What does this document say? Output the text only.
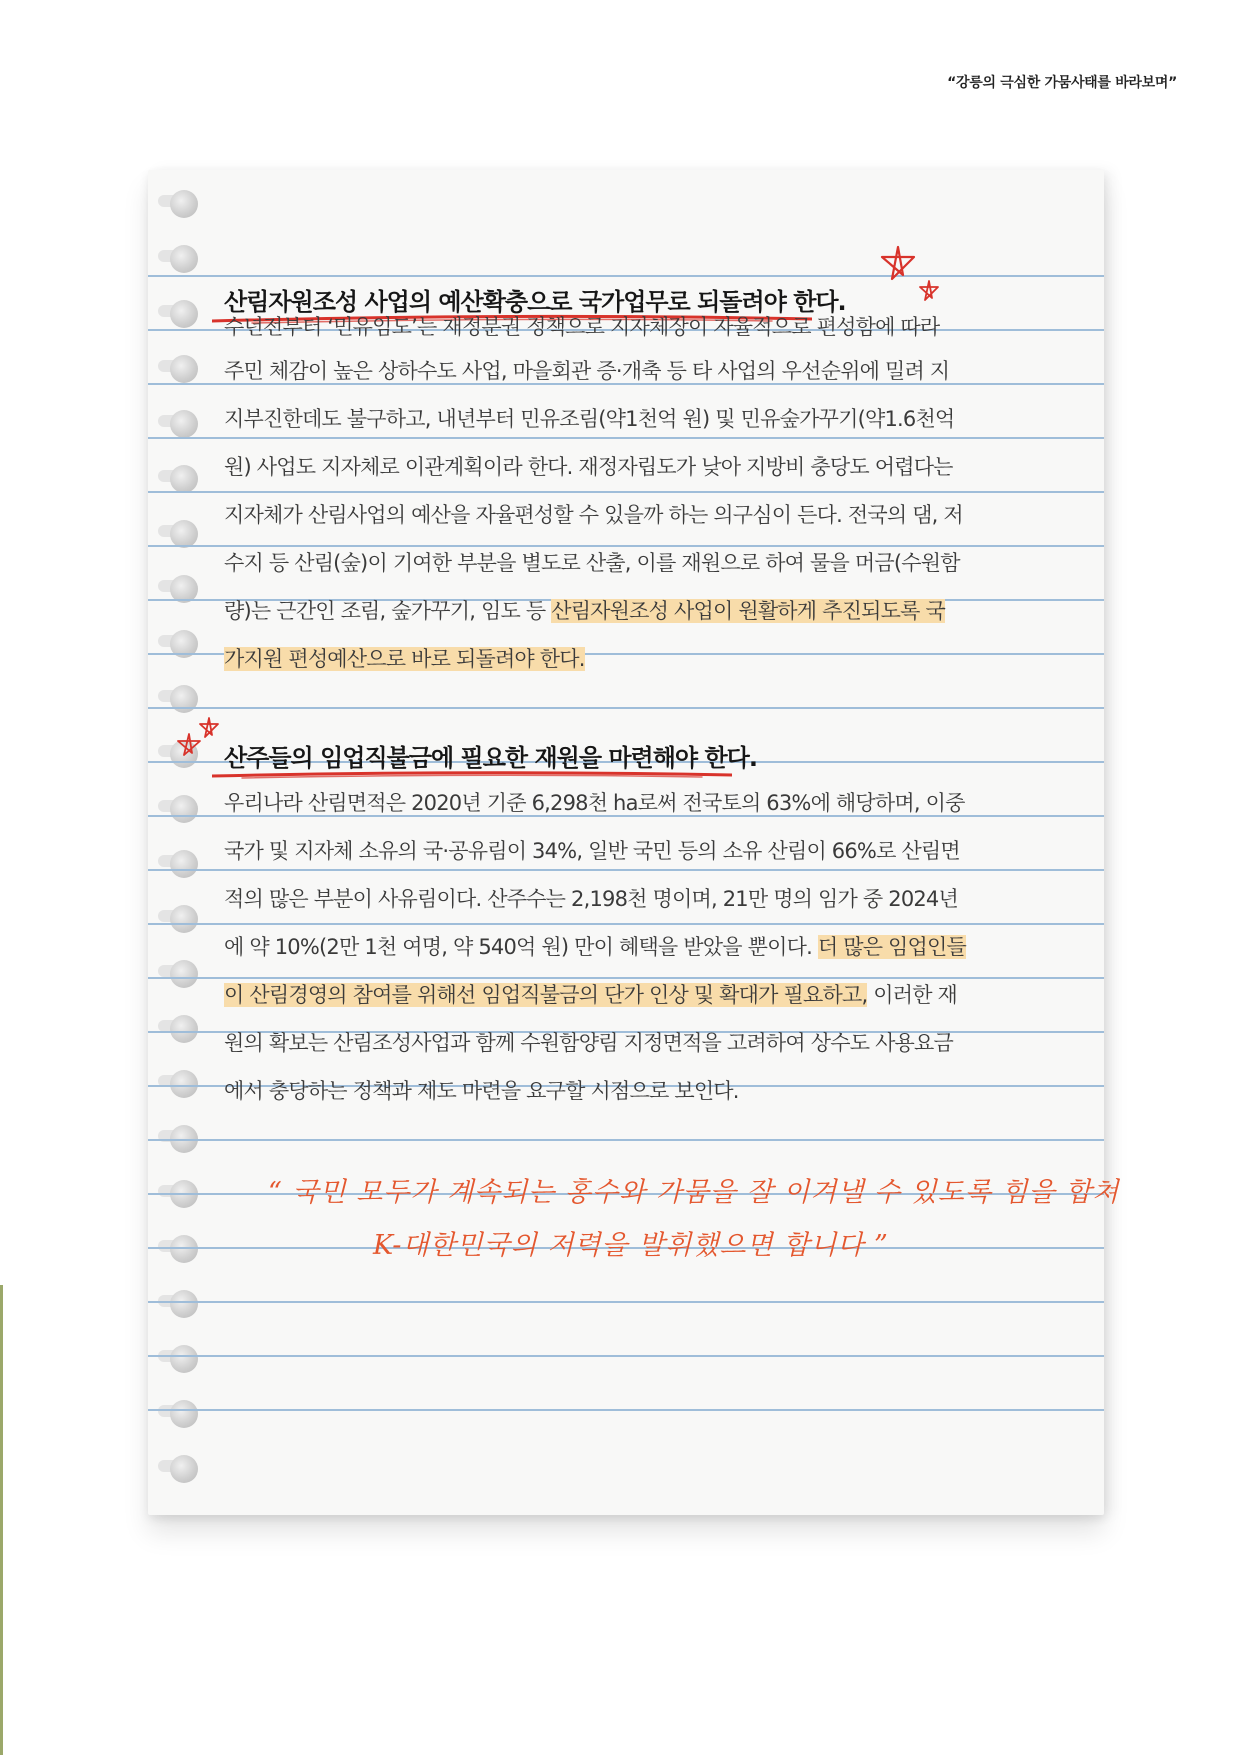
“강릉의 극심한 가뭄사태를 바라보며”
산림자원조성 사업의 예산확충으로 국가업무로 되돌려야 한다.
수년전부터 ‘민유임도’는 재정분권 정책으로 지자체장이 자율적으로 편성함에 따라
주민 체감이 높은 상하수도 사업, 마을회관 증·개축 등 타 사업의 우선순위에 밀려 지
지부진한데도 불구하고, 내년부터 민유조림(약1천억 원) 및 민유숲가꾸기(약1.6천억
원) 사업도 지자체로 이관계획이라 한다. 재정자립도가 낮아 지방비 충당도 어렵다는
지자체가 산림사업의 예산을 자율편성할 수 있을까 하는 의구심이 든다. 전국의 댐, 저
수지 등 산림(숲)이 기여한 부분을 별도로 산출, 이를 재원으로 하여 물을 머금(수원함
량)는 근간인 조림, 숲가꾸기, 임도 등 산림자원조성 사업이 원활하게 추진되도록 국
가지원 편성예산으로 바로 되돌려야 한다.
산주들의 임업직불금에 필요한 재원을 마련해야 한다.
우리나라 산림면적은 2020년 기준 6,298천 ha로써 전국토의 63%에 해당하며, 이중
국가 및 지자체 소유의 국·공유림이 34%, 일반 국민 등의 소유 산림이 66%로 산림면
적의 많은 부분이 사유림이다. 산주수는 2,198천 명이며, 21만 명의 임가 중 2024년
에 약 10%(2만 1천 여명, 약 540억 원) 만이 혜택을 받았을 뿐이다. 더 많은 임업인들
이 산림경영의 참여를 위해선 임업직불금의 단가 인상 및 확대가 필요하고, 이러한 재
원의 확보는 산림조성사업과 함께 수원함양림 지정면적을 고려하여 상수도 사용요금
에서 충당하는 정책과 제도 마련을 요구할 시점으로 보인다.
“ 국민 모두가 계속되는 홍수와 가뭄을 잘 이겨낼 수 있도록 힘을 합쳐
K-대한민국의 저력을 발휘했으면 합니다 ”
